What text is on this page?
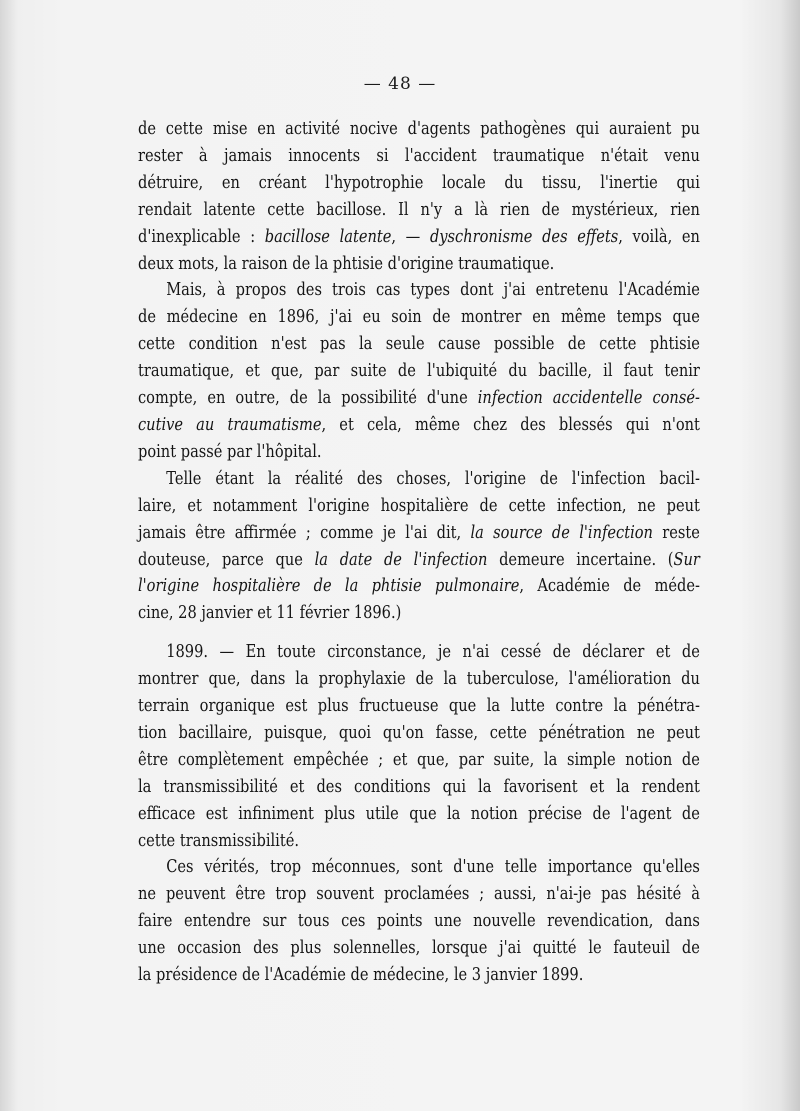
— 48 —
de cette mise en activité nocive d'agents pathogènes qui auraient pu
rester à jamais innocents si l'accident traumatique n'était venu
détruire, en créant l'hypotrophie locale du tissu, l'inertie qui
rendait latente cette bacillose. Il n'y a là rien de mystérieux, rien
d'inexplicable : bacillose latente, — dyschronisme des effets, voilà, en
deux mots, la raison de la phtisie d'origine traumatique.
Mais, à propos des trois cas types dont j'ai entretenu l'Académie
de médecine en 1896, j'ai eu soin de montrer en même temps que
cette condition n'est pas la seule cause possible de cette phtisie
traumatique, et que, par suite de l'ubiquité du bacille, il faut tenir
compte, en outre, de la possibilité d'une infection accidentelle consé-
cutive au traumatisme, et cela, même chez des blessés qui n'ont
point passé par l'hôpital.
Telle étant la réalité des choses, l'origine de l'infection bacil-
laire, et notamment l'origine hospitalière de cette infection, ne peut
jamais être affirmée ; comme je l'ai dit, la source de l'infection reste
douteuse, parce que la date de l'infection demeure incertaine. (Sur
l'origine hospitalière de la phtisie pulmonaire, Académie de méde-
cine, 28 janvier et 11 février 1896.)
1899. — En toute circonstance, je n'ai cessé de déclarer et de
montrer que, dans la prophylaxie de la tuberculose, l'amélioration du
terrain organique est plus fructueuse que la lutte contre la pénétra-
tion bacillaire, puisque, quoi qu'on fasse, cette pénétration ne peut
être complètement empêchée ; et que, par suite, la simple notion de
la transmissibilité et des conditions qui la favorisent et la rendent
efficace est infiniment plus utile que la notion précise de l'agent de
cette transmissibilité.
Ces vérités, trop méconnues, sont d'une telle importance qu'elles
ne peuvent être trop souvent proclamées ; aussi, n'ai-je pas hésité à
faire entendre sur tous ces points une nouvelle revendication, dans
une occasion des plus solennelles, lorsque j'ai quitté le fauteuil de
la présidence de l'Académie de médecine, le 3 janvier 1899.
